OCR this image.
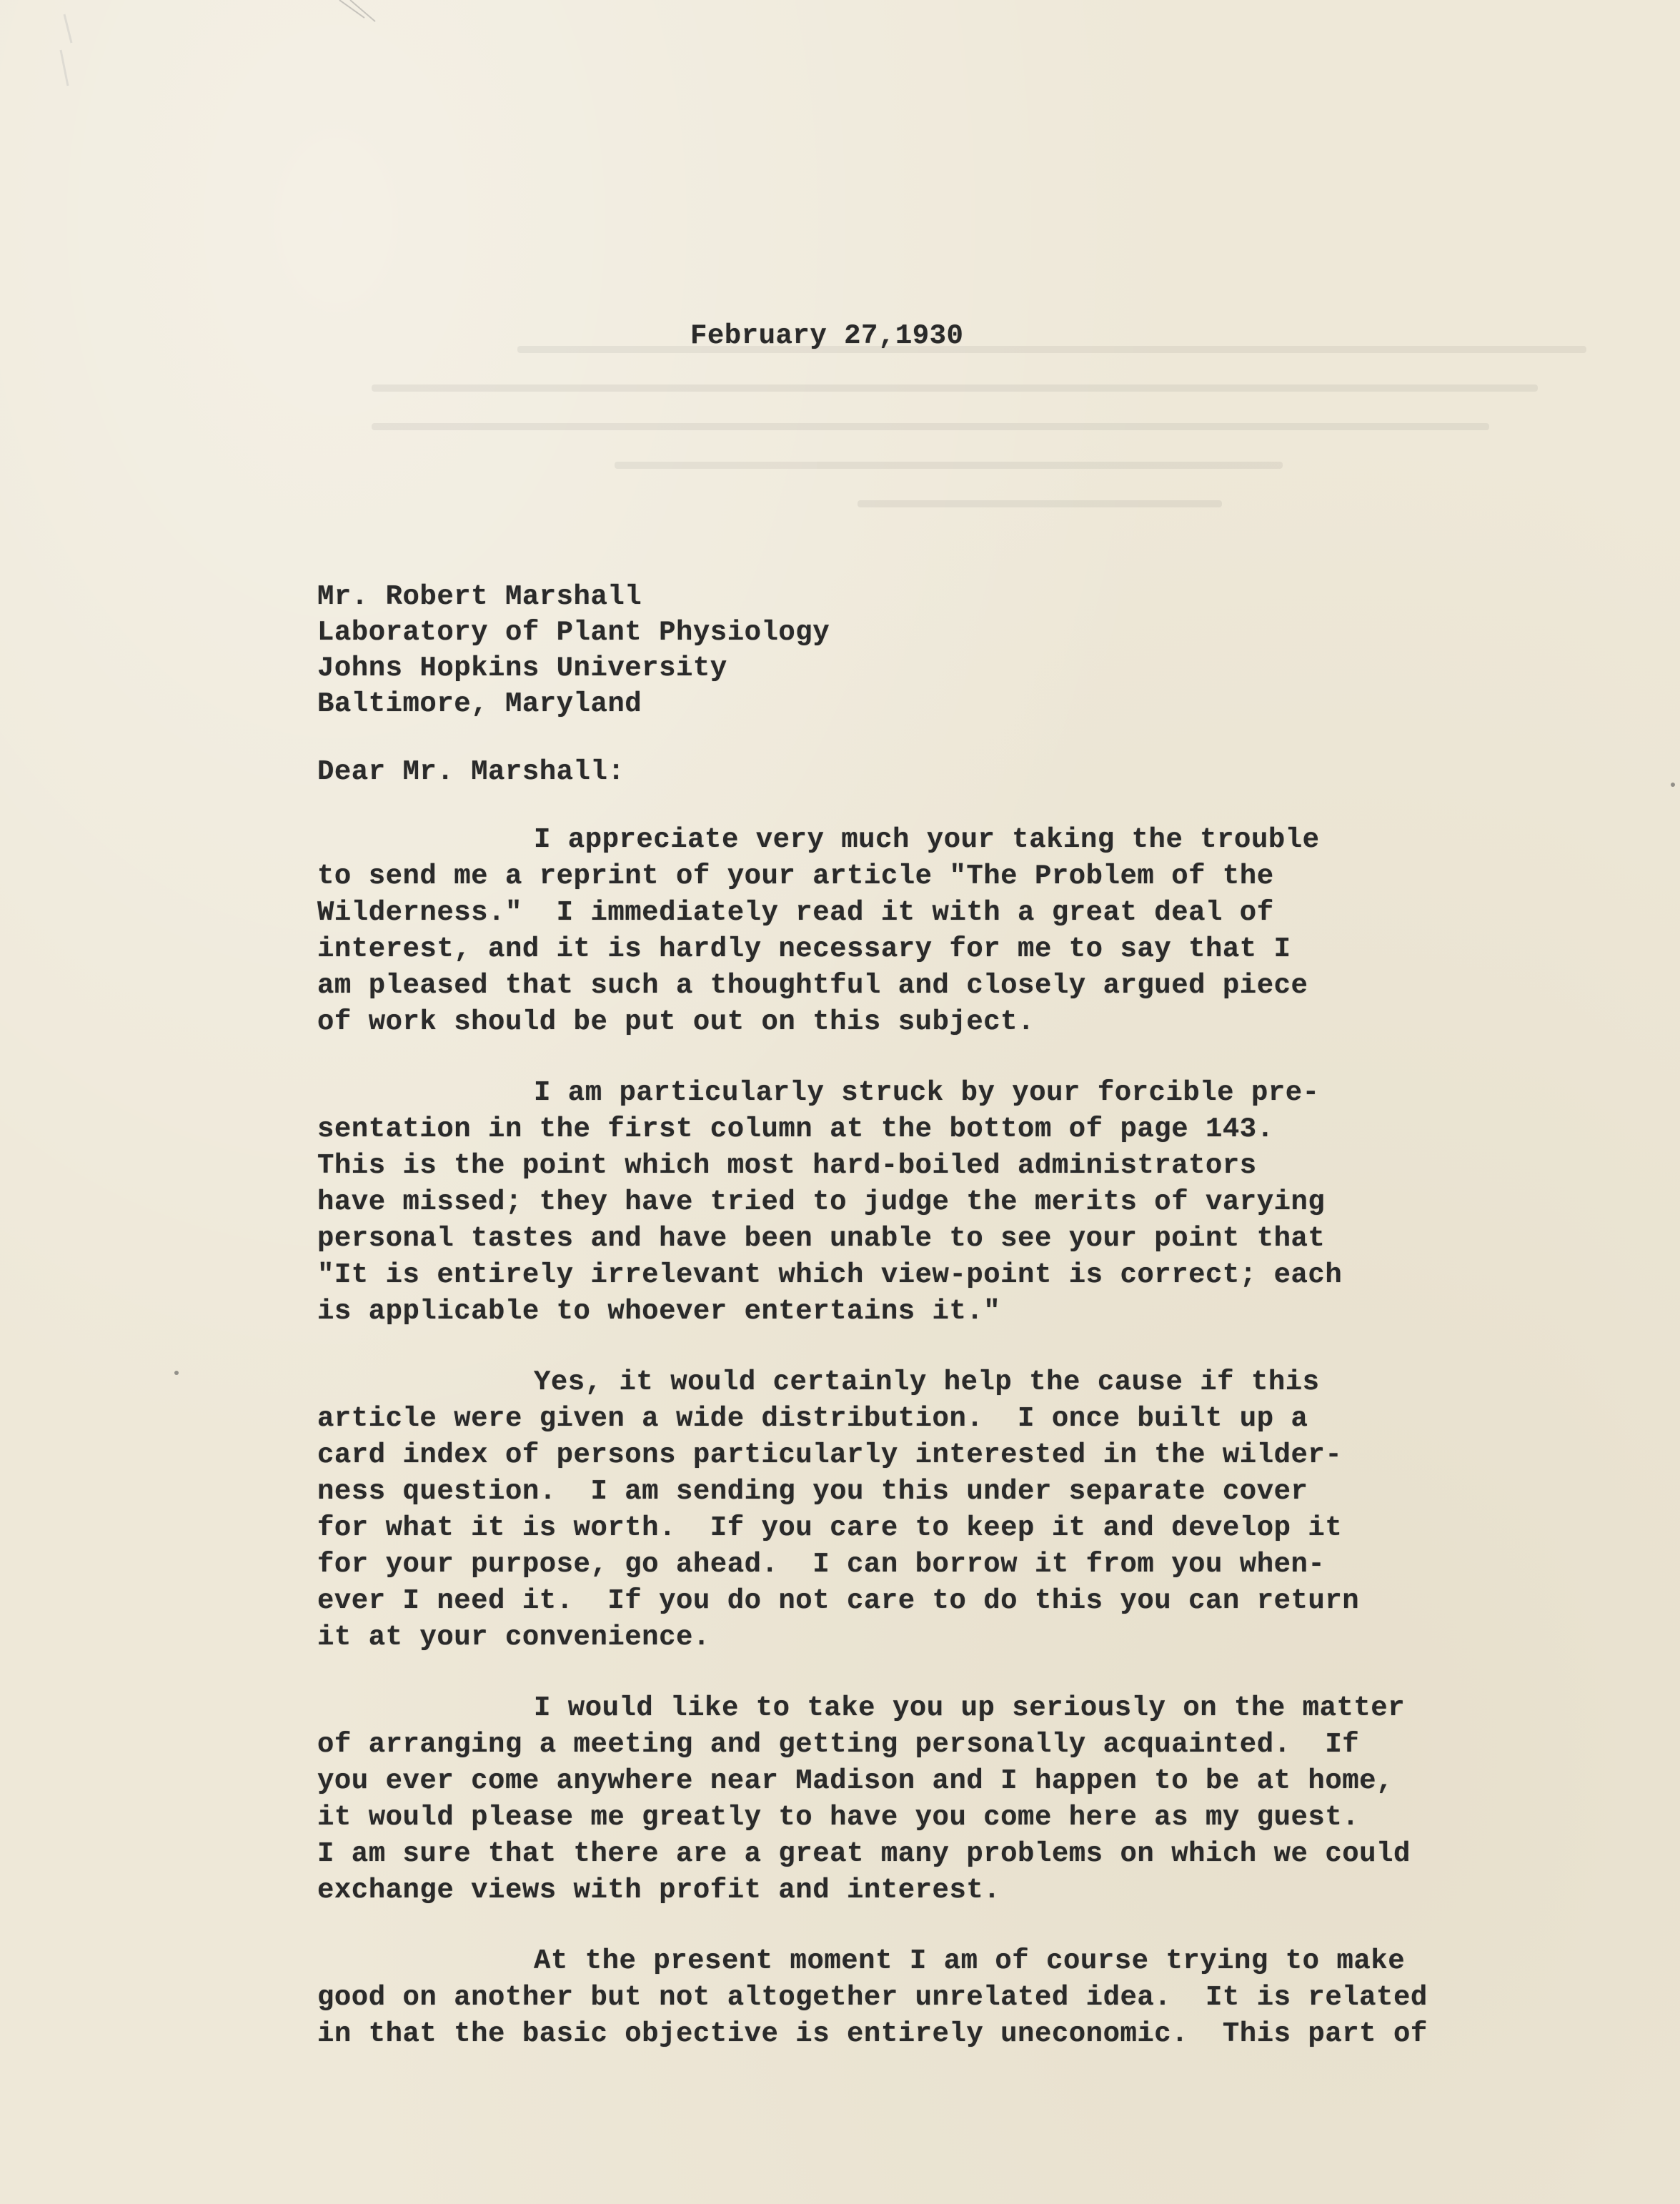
February 27,1930
Mr. Robert Marshall
Laboratory of Plant Physiology
Johns Hopkins University
Baltimore, Maryland
Dear Mr. Marshall:
I appreciate very much your taking the trouble
to send me a reprint of your article "The Problem of the
Wilderness."  I immediately read it with a great deal of
interest, and it is hardly necessary for me to say that I
am pleased that such a thoughtful and closely argued piece
of work should be put out on this subject.
I am particularly struck by your forcible pre-
sentation in the first column at the bottom of page 143.
This is the point which most hard-boiled administrators
have missed; they have tried to judge the merits of varying
personal tastes and have been unable to see your point that
"It is entirely irrelevant which view-point is correct; each
is applicable to whoever entertains it."
Yes, it would certainly help the cause if this
article were given a wide distribution.  I once built up a
card index of persons particularly interested in the wilder-
ness question.  I am sending you this under separate cover
for what it is worth.  If you care to keep it and develop it
for your purpose, go ahead.  I can borrow it from you when-
ever I need it.  If you do not care to do this you can return
it at your convenience.
I would like to take you up seriously on the matter
of arranging a meeting and getting personally acquainted.  If
you ever come anywhere near Madison and I happen to be at home,
it would please me greatly to have you come here as my guest.
I am sure that there are a great many problems on which we could
exchange views with profit and interest.
At the present moment I am of course trying to make
good on another but not altogether unrelated idea.  It is related
in that the basic objective is entirely uneconomic.  This part of
